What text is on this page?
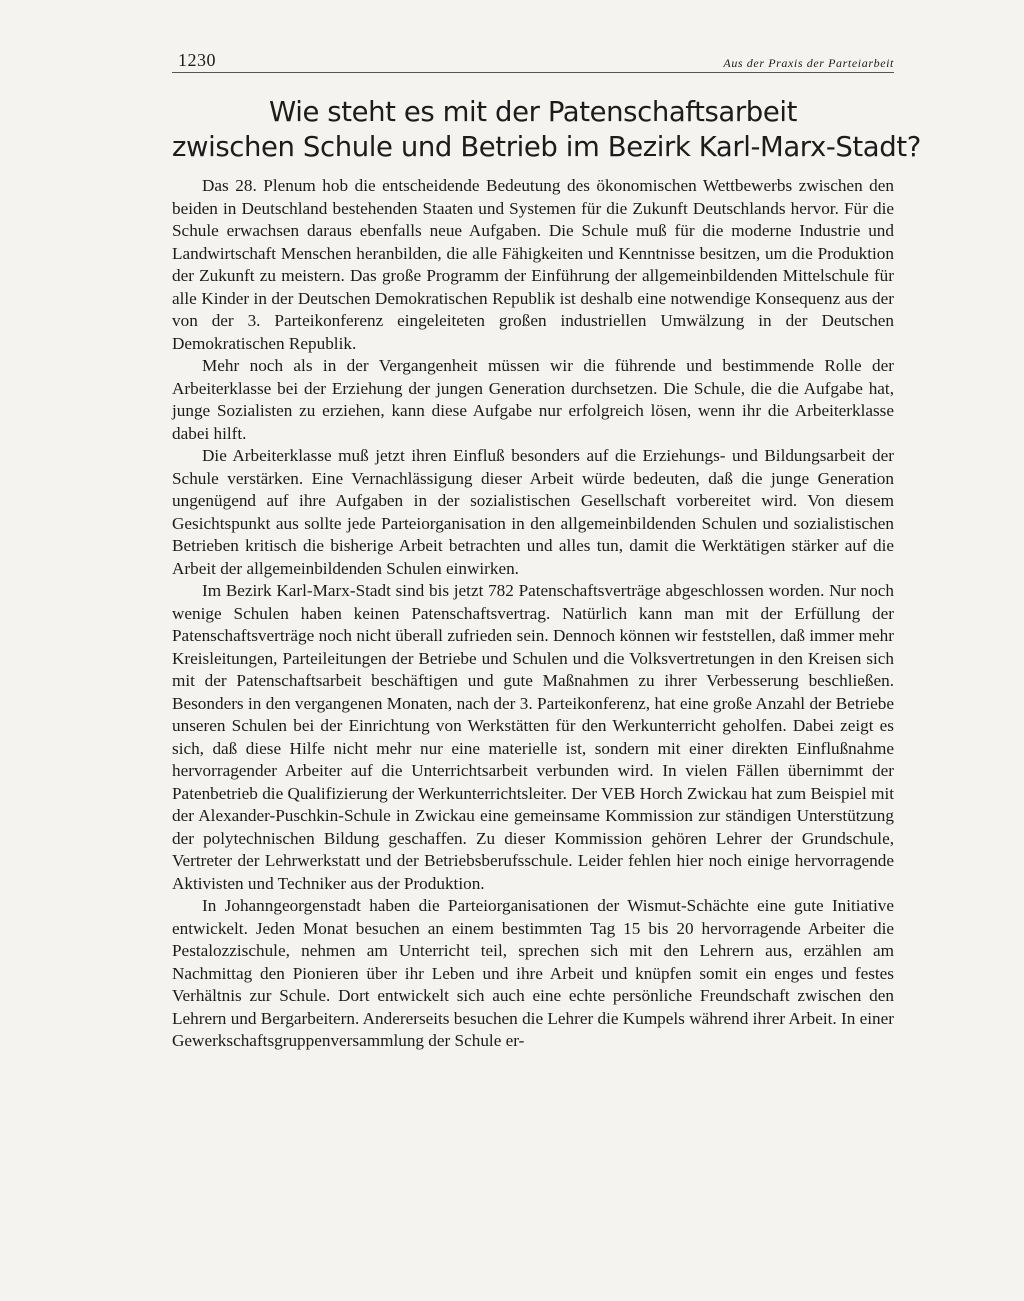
1230	Aus der Praxis der Parteiarbeit
Wie steht es mit der Patenschaftsarbeit
zwischen Schule und Betrieb im Bezirk Karl-Marx-Stadt?

Das 28. Plenum hob die entscheidende Bedeutung des ökonomischen Wettbewerbs zwischen den beiden in Deutschland bestehenden Staaten und Systemen für die Zukunft Deutschlands hervor. Für die Schule erwachsen daraus ebenfalls neue Aufgaben. Die Schule muß für die moderne Industrie und Landwirtschaft Menschen heranbilden, die alle Fähigkeiten und Kenntnisse besitzen, um die Produktion der Zukunft zu meistern. Das große Programm der Einführung der allgemeinbildenden Mittelschule für alle Kinder in der Deutschen Demokratischen Republik ist deshalb eine notwendige Konsequenz aus der von der 3. Parteikonferenz eingeleiteten großen industriellen Umwälzung in der Deutschen Demokratischen Republik.

Mehr noch als in der Vergangenheit müssen wir die führende und bestimmende Rolle der Arbeiterklasse bei der Erziehung der jungen Generation durchsetzen. Die Schule, die die Aufgabe hat, junge Sozialisten zu erziehen, kann diese Aufgabe nur erfolgreich lösen, wenn ihr die Arbeiterklasse dabei hilft.

Die Arbeiterklasse muß jetzt ihren Einfluß besonders auf die Erziehungs- und Bildungsarbeit der Schule verstärken. Eine Vernachlässigung dieser Arbeit würde bedeuten, daß die junge Generation ungenügend auf ihre Aufgaben in der sozialistischen Gesellschaft vorbereitet wird. Von diesem Gesichtspunkt aus sollte jede Parteiorganisation in den allgemeinbildenden Schulen und sozialistischen Betrieben kritisch die bisherige Arbeit betrachten und alles tun, damit die Werktätigen stärker auf die Arbeit der allgemeinbildenden Schulen einwirken.

Im Bezirk Karl-Marx-Stadt sind bis jetzt 782 Patenschaftsverträge abgeschlossen worden. Nur noch wenige Schulen haben keinen Patenschaftsvertrag. Natürlich kann man mit der Erfüllung der Patenschaftsverträge noch nicht überall zufrieden sein. Dennoch können wir feststellen, daß immer mehr Kreisleitungen, Parteileitungen der Betriebe und Schulen und die Volksvertretungen in den Kreisen sich mit der Patenschaftsarbeit beschäftigen und gute Maßnahmen zu ihrer Verbesserung beschließen. Besonders in den vergangenen Monaten, nach der 3. Parteikonferenz, hat eine große Anzahl der Betriebe unseren Schulen bei der Einrichtung von Werkstätten für den Werkunterricht geholfen. Dabei zeigt es sich, daß diese Hilfe nicht mehr nur eine materielle ist, sondern mit einer direkten Einflußnahme hervorragender Arbeiter auf die Unterrichtsarbeit verbunden wird. In vielen Fällen übernimmt der Patenbetrieb die Qualifizierung der Werkunterrichtsleiter. Der VEB Horch Zwickau hat zum Beispiel mit der Alexander-Puschkin-Schule in Zwickau eine gemeinsame Kommission zur ständigen Unterstützung der polytechnischen Bildung geschaffen. Zu dieser Kommission gehören Lehrer der Grundschule, Vertreter der Lehrwerkstatt und der Betriebsberufsschule. Leider fehlen hier noch einige hervorragende Aktivisten und Techniker aus der Produktion.

In Johanngeorgenstadt haben die Parteiorganisationen der Wismut-Schächte eine gute Initiative entwickelt. Jeden Monat besuchen an einem bestimmten Tag 15 bis 20 hervorragende Arbeiter die Pestalozzischule, nehmen am Unterricht teil, sprechen sich mit den Lehrern aus, erzählen am Nachmittag den Pionieren über ihr Leben und ihre Arbeit und knüpfen somit ein enges und festes Verhältnis zur Schule. Dort entwickelt sich auch eine echte persönliche Freundschaft zwischen den Lehrern und Bergarbeitern. Andererseits besuchen die Lehrer die Kumpels während ihrer Arbeit. In einer Gewerkschaftsgruppenversammlung der Schule er-
